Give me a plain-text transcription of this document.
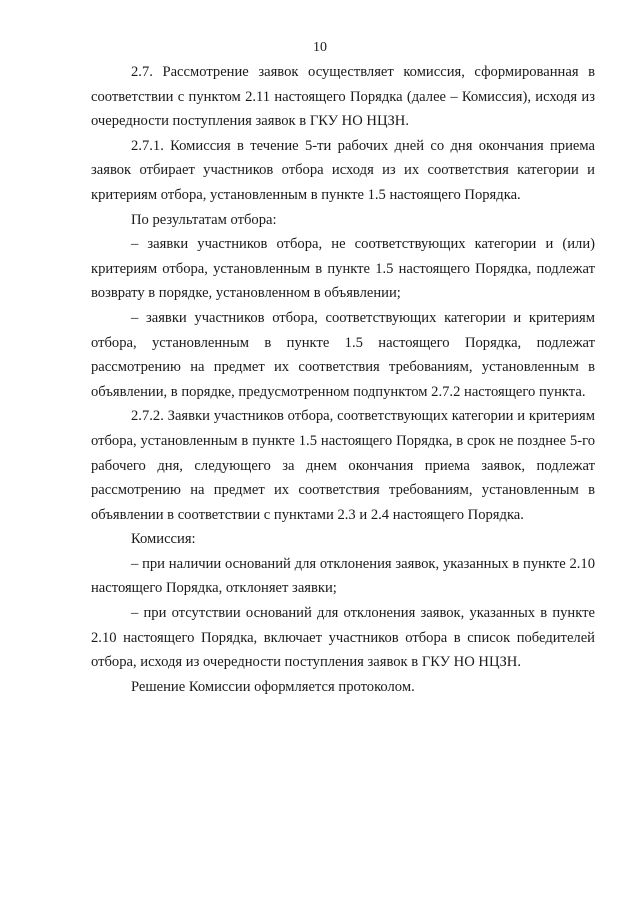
10

2.7. Рассмотрение заявок осуществляет комиссия, сформированная в соответствии с пунктом 2.11 настоящего Порядка (далее – Комиссия), исходя из очередности поступления заявок в ГКУ НО НЦЗН.

2.7.1. Комиссия в течение 5-ти рабочих дней со дня окончания приема заявок отбирает участников отбора исходя из их соответствия категории и критериям отбора, установленным в пункте 1.5 настоящего Порядка.

По результатам отбора:

– заявки участников отбора, не соответствующих категории и (или) критериям отбора, установленным в пункте 1.5 настоящего Порядка, подлежат возврату в порядке, установленном в объявлении;

– заявки участников отбора, соответствующих категории и критериям отбора, установленным в пункте 1.5 настоящего Порядка, подлежат рассмотрению на предмет их соответствия требованиям, установленным в объявлении, в порядке, предусмотренном подпунктом 2.7.2 настоящего пункта.

2.7.2. Заявки участников отбора, соответствующих категории и критериям отбора, установленным в пункте 1.5 настоящего Порядка, в срок не позднее 5-го рабочего дня, следующего за днем окончания приема заявок, подлежат рассмотрению на предмет их соответствия требованиям, установленным в объявлении в соответствии с пунктами 2.3 и 2.4 настоящего Порядка.

Комиссия:

– при наличии оснований для отклонения заявок, указанных в пункте 2.10 настоящего Порядка, отклоняет заявки;

– при отсутствии оснований для отклонения заявок, указанных в пункте 2.10 настоящего Порядка, включает участников отбора в список победителей отбора, исходя из очередности поступления заявок в ГКУ НО НЦЗН.

Решение Комиссии оформляется протоколом.
